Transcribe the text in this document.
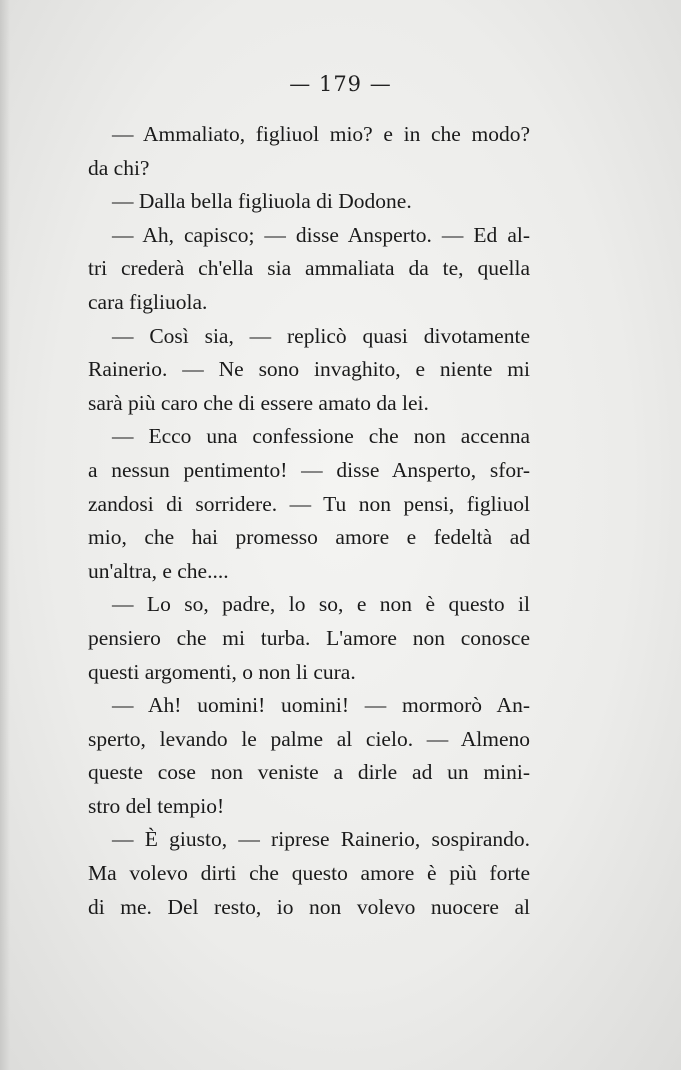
— 179 —
— Ammaliato, figliuol mio? e in che modo?
da chi?
— Dalla bella figliuola di Dodone.
— Ah, capisco; — disse Ansperto. — Ed al-
tri crederà ch'ella sia ammaliata da te, quella
cara figliuola.
— Così sia, — replicò quasi divotamente
Rainerio. — Ne sono invaghito, e niente mi
sarà più caro che di essere amato da lei.
— Ecco una confessione che non accenna
a nessun pentimento! — disse Ansperto, sfor-
zandosi di sorridere. — Tu non pensi, figliuol
mio, che hai promesso amore e fedeltà ad
un'altra, e che....
— Lo so, padre, lo so, e non è questo il
pensiero che mi turba. L'amore non conosce
questi argomenti, o non li cura.
— Ah! uomini! uomini! — mormorò An-
sperto, levando le palme al cielo. — Almeno
queste cose non veniste a dirle ad un mini-
stro del tempio!
— È giusto, — riprese Rainerio, sospirando.
Ma volevo dirti che questo amore è più forte
di me. Del resto, io non volevo nuocere al
